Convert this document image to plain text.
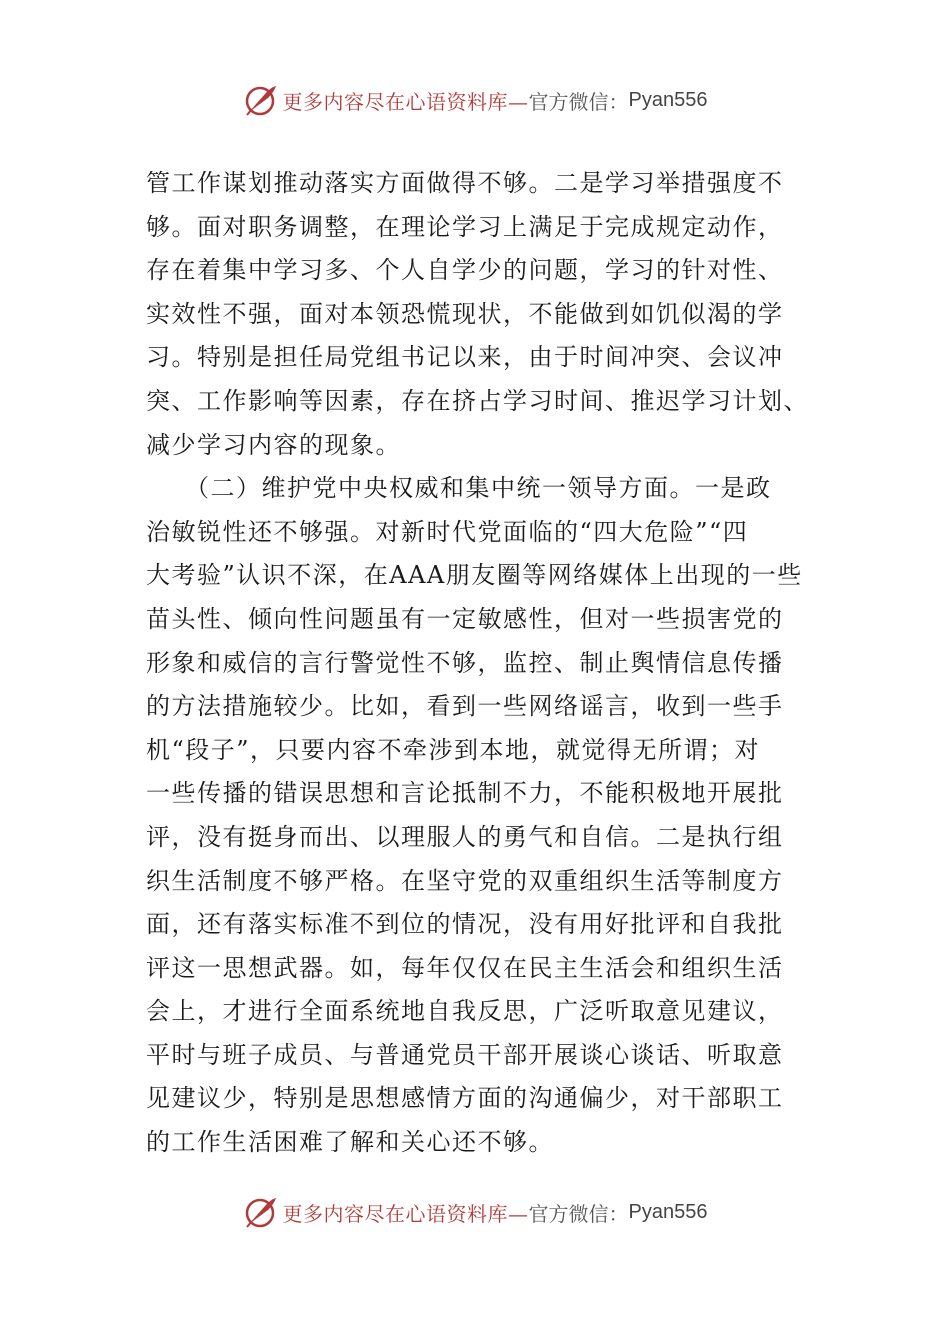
更多内容尽在心语资料库— 官方微信： Pyan556
管工作谋划推动落实方面做得不够。二是学习举措强度不
够。面对职务调整，在理论学习上满足于完成规定动作，
存在着集中学习多、个人自学少的问题，学习的针对性、
实效性不强，面对本领恐慌现状，不能做到如饥似渴的学
习。特别是担任局党组书记以来，由于时间冲突、会议冲
突、工作影响等因素，存在挤占学习时间、推迟学习计划、
减少学习内容的现象。
　　（二）维护党中央权威和集中统一领导方面。一是政
治敏锐性还不够强。对新时代党面临的“四大危险”“四
大考验”认识不深，在AAA朋友圈等网络媒体上出现的一些
苗头性、倾向性问题虽有一定敏感性，但对一些损害党的
形象和威信的言行警觉性不够，监控、制止舆情信息传播
的方法措施较少。比如，看到一些网络谣言，收到一些手
机“段子”，只要内容不牵涉到本地，就觉得无所谓；对
一些传播的错误思想和言论抵制不力，不能积极地开展批
评，没有挺身而出、以理服人的勇气和自信。二是执行组
织生活制度不够严格。在坚守党的双重组织生活等制度方
面，还有落实标准不到位的情况，没有用好批评和自我批
评这一思想武器。如，每年仅仅在民主生活会和组织生活
会上，才进行全面系统地自我反思，广泛听取意见建议，
平时与班子成员、与普通党员干部开展谈心谈话、听取意
见建议少，特别是思想感情方面的沟通偏少，对干部职工
的工作生活困难了解和关心还不够。
更多内容尽在心语资料库— 官方微信： Pyan556
